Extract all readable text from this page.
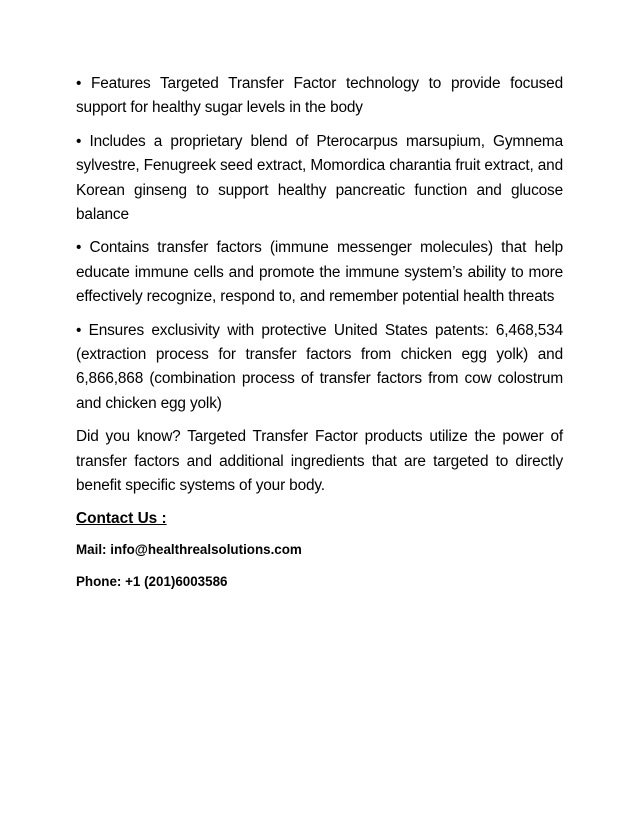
• Features Targeted Transfer Factor technology to provide focused support for healthy sugar levels in the body

• Includes a proprietary blend of Pterocarpus marsupium, Gymnema sylvestre, Fenugreek seed extract, Momordica charantia fruit extract, and Korean ginseng to support healthy pancreatic function and glucose balance

• Contains transfer factors (immune messenger molecules) that help educate immune cells and promote the immune system’s ability to more effectively recognize, respond to, and remember potential health threats

• Ensures exclusivity with protective United States patents: 6,468,534 (extraction process for transfer factors from chicken egg yolk) and 6,866,868 (combination process of transfer factors from cow colostrum and chicken egg yolk)

Did you know? Targeted Transfer Factor products utilize the power of transfer factors and additional ingredients that are targeted to directly benefit specific systems of your body.

Contact Us :
Mail: info@healthrealsolutions.com
Phone: +1 (201)6003586
